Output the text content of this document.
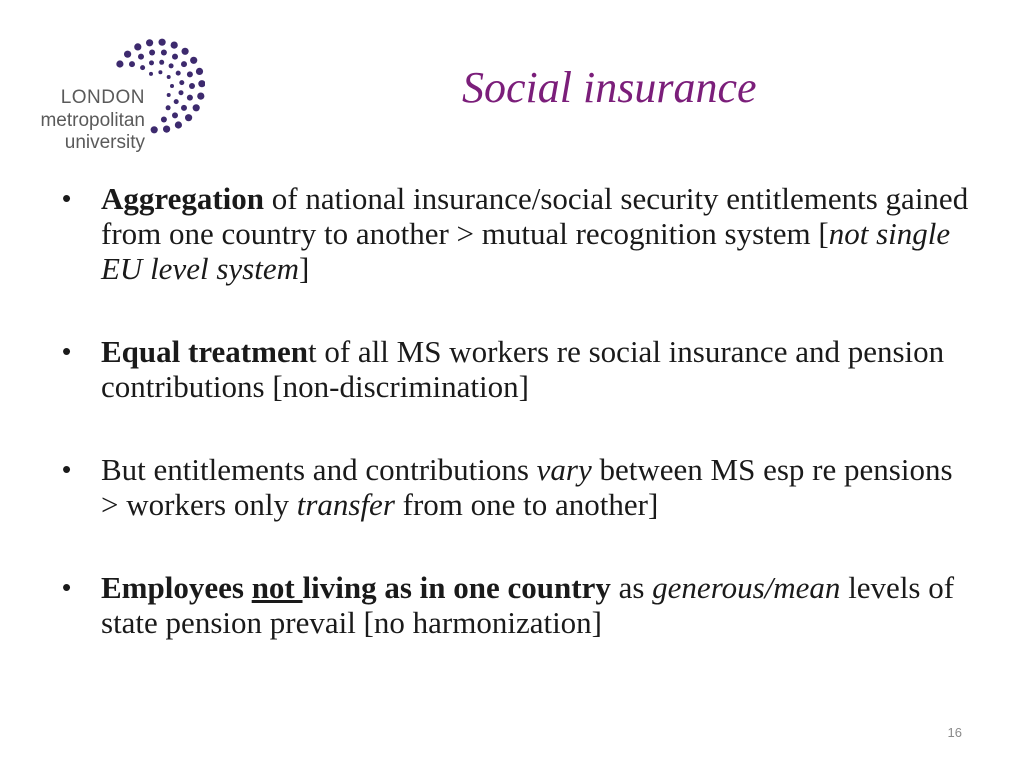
LONDON
metropolitan
university
Social insurance
• Aggregation of national insurance/social security entitlements gained from one country to another > mutual recognition system [not single EU level system]
• Equal treatment of all MS workers re social insurance and pension contributions [non-discrimination]
• But entitlements and contributions vary between MS esp re pensions > workers only transfer from one to another]
• Employees not living as in one country as generous/mean levels of state pension prevail [no harmonization]
16
